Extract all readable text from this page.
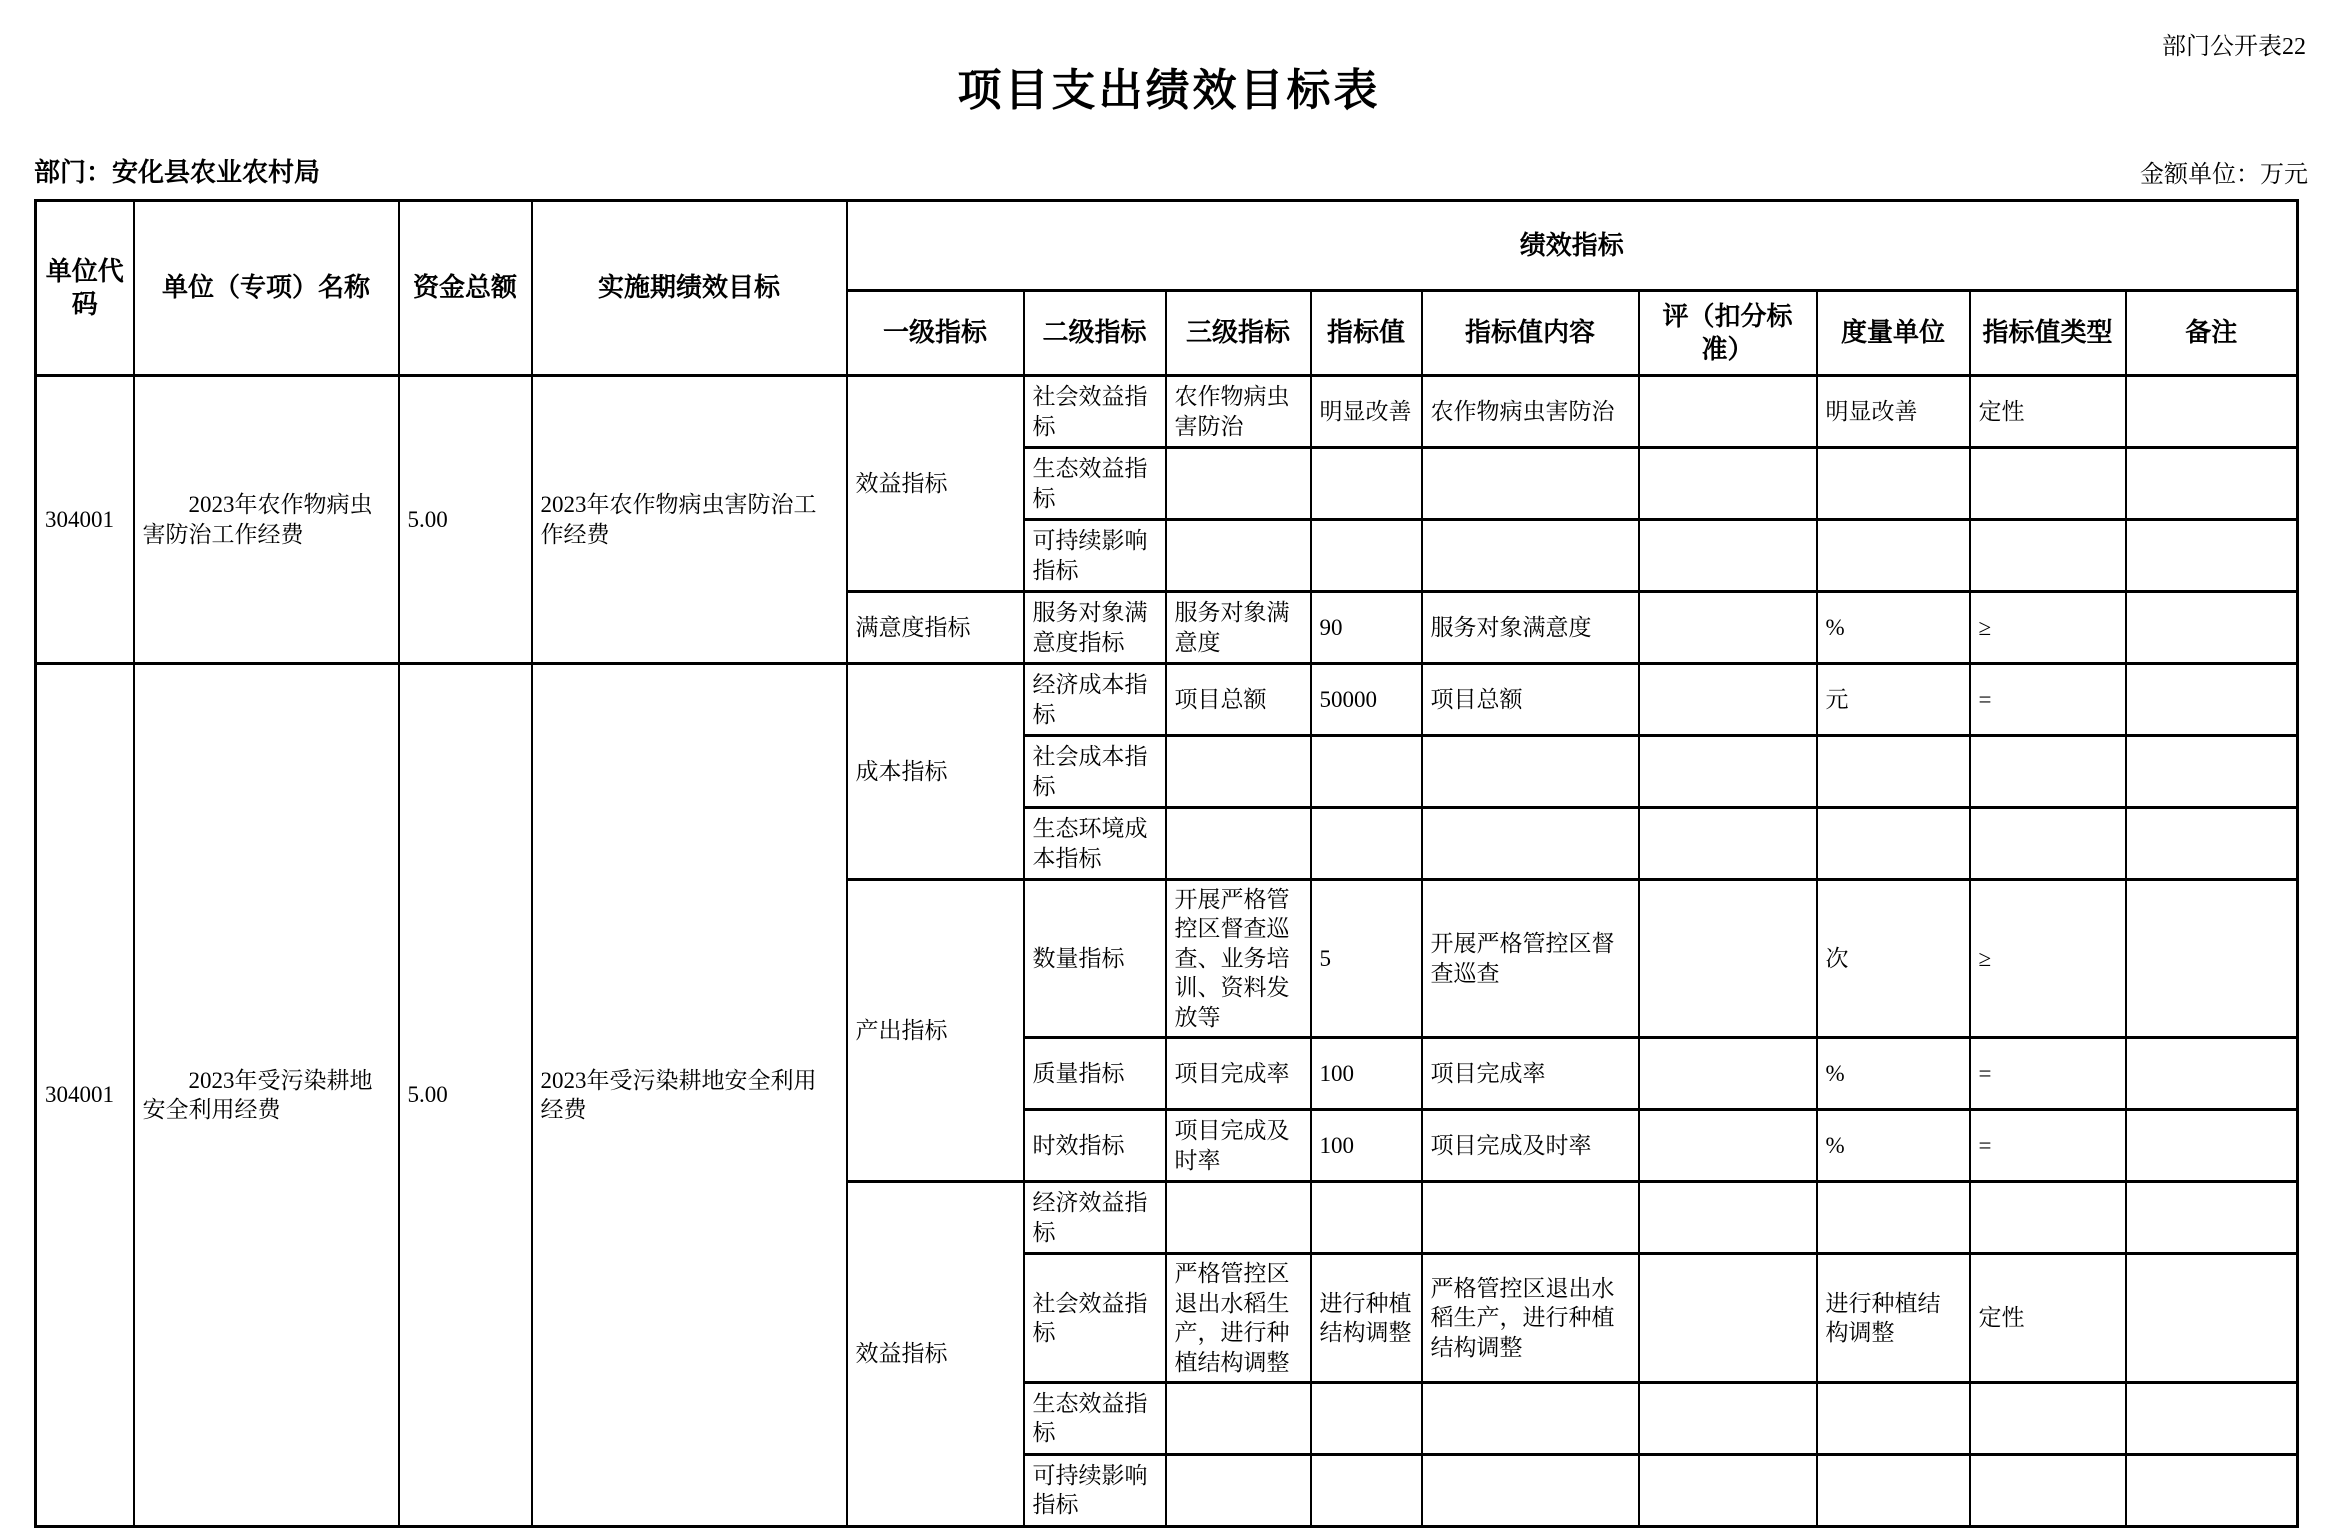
部门公开表22
项目支出绩效目标表
部门：安化县农业农村局	金额单位：万元
单位代码	单位（专项）名称	资金总额	实施期绩效目标	绩效指标								
				一级指标	二级指标	三级指标	指标值	指标值内容	评（扣分标准）	度量单位	指标值类型	备注
304001	2023年农作物病虫害防治工作经费	5.00	2023年农作物病虫害防治工作经费	效益指标	社会效益指标	农作物病虫害防治	明显改善	农作物病虫害防治		明显改善	定性	
					生态效益指标							
					可持续影响指标							
				满意度指标	服务对象满意度指标	服务对象满意度	90	服务对象满意度		%	≥	
304001	2023年受污染耕地安全利用经费	5.00	2023年受污染耕地安全利用经费	成本指标	经济成本指标	项目总额	50000	项目总额		元	=	
					社会成本指标							
					生态环境成本指标							
				产出指标	数量指标	开展严格管控区督查巡查、业务培训、资料发放等	5	开展严格管控区督查巡查		次	≥	
					质量指标	项目完成率	100	项目完成率		%	=	
					时效指标	项目完成及时率	100	项目完成及时率		%	=	
				效益指标	经济效益指标							
					社会效益指标	严格管控区退出水稻生产，进行种植结构调整	进行种植结构调整	严格管控区退出水稻生产，进行种植结构调整		进行种植结构调整	定性	
					生态效益指标							
					可持续影响指标							
